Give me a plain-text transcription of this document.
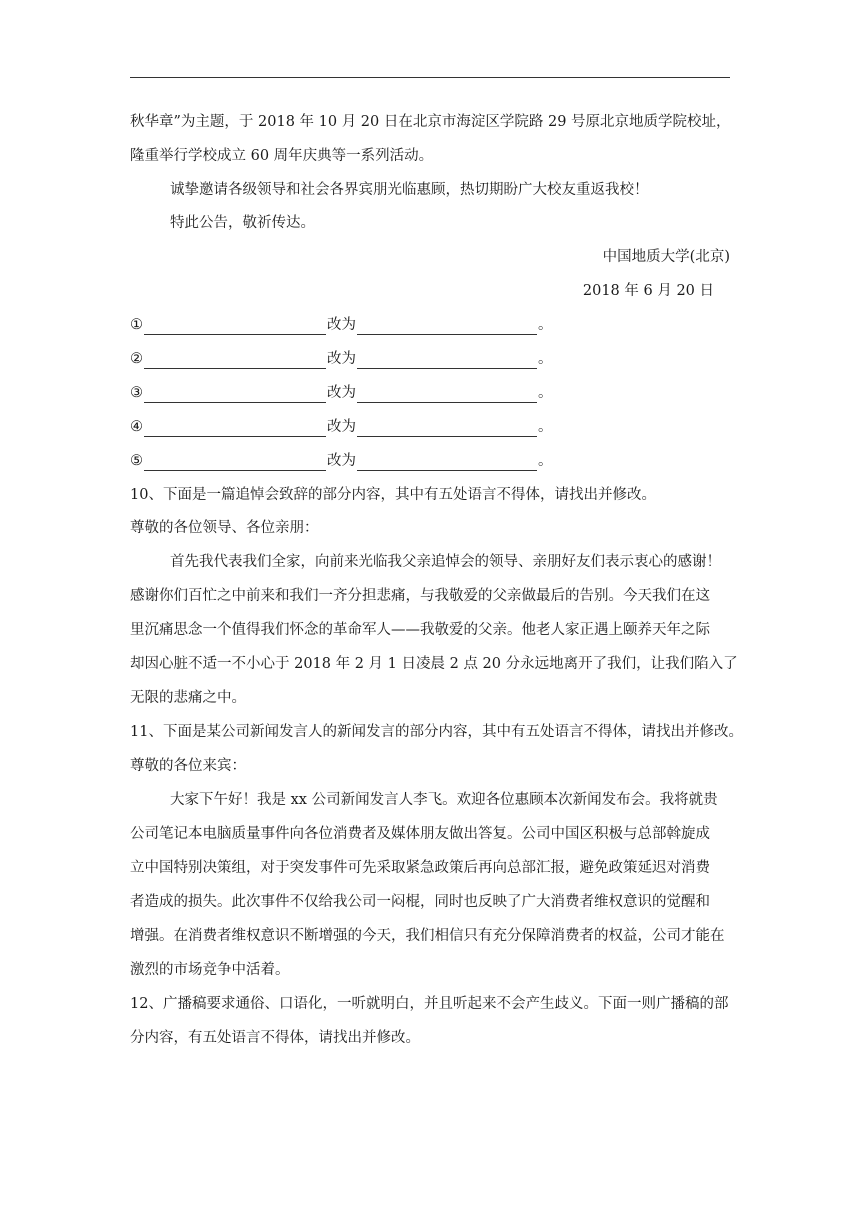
秋华章”为主题，于 2018 年 10 月 20 日在北京市海淀区学院路 29 号原北京地质学院校址，
隆重举行学校成立 60 周年庆典等一系列活动。
诚挚邀请各级领导和社会各界宾朋光临惠顾，热切期盼广大校友重返我校！
特此公告，敬祈传达。
中国地质大学(北京)
2018 年 6 月 20 日
①	改为	。
②	改为	。
③	改为	。
④	改为	。
⑤	改为	。
10、下面是一篇追悼会致辞的部分内容，其中有五处语言不得体，请找出并修改。
尊敬的各位领导、各位亲朋：
首先我代表我们全家，向前来光临我父亲追悼会的领导、亲朋好友们表示衷心的感谢！
感谢你们百忙之中前来和我们一齐分担悲痛，与我敬爱的父亲做最后的告别。今天我们在这
里沉痛思念一个值得我们怀念的革命军人——我敬爱的父亲。他老人家正遇上颐养天年之际
却因心脏不适一不小心于 2018 年 2 月 1 日凌晨 2 点 20 分永远地离开了我们，让我们陷入了
无限的悲痛之中。
11、下面是某公司新闻发言人的新闻发言的部分内容，其中有五处语言不得体，请找出并修改。
尊敬的各位来宾：
大家下午好！我是 xx 公司新闻发言人李飞。欢迎各位惠顾本次新闻发布会。我将就贵
公司笔记本电脑质量事件向各位消费者及媒体朋友做出答复。公司中国区积极与总部斡旋成
立中国特别决策组，对于突发事件可先采取紧急政策后再向总部汇报，避免政策延迟对消费
者造成的损失。此次事件不仅给我公司一闷棍，同时也反映了广大消费者维权意识的觉醒和
增强。在消费者维权意识不断增强的今天，我们相信只有充分保障消费者的权益，公司才能在
激烈的市场竞争中活着。
12、广播稿要求通俗、口语化，一听就明白，并且听起来不会产生歧义。下面一则广播稿的部
分内容，有五处语言不得体，请找出并修改。
